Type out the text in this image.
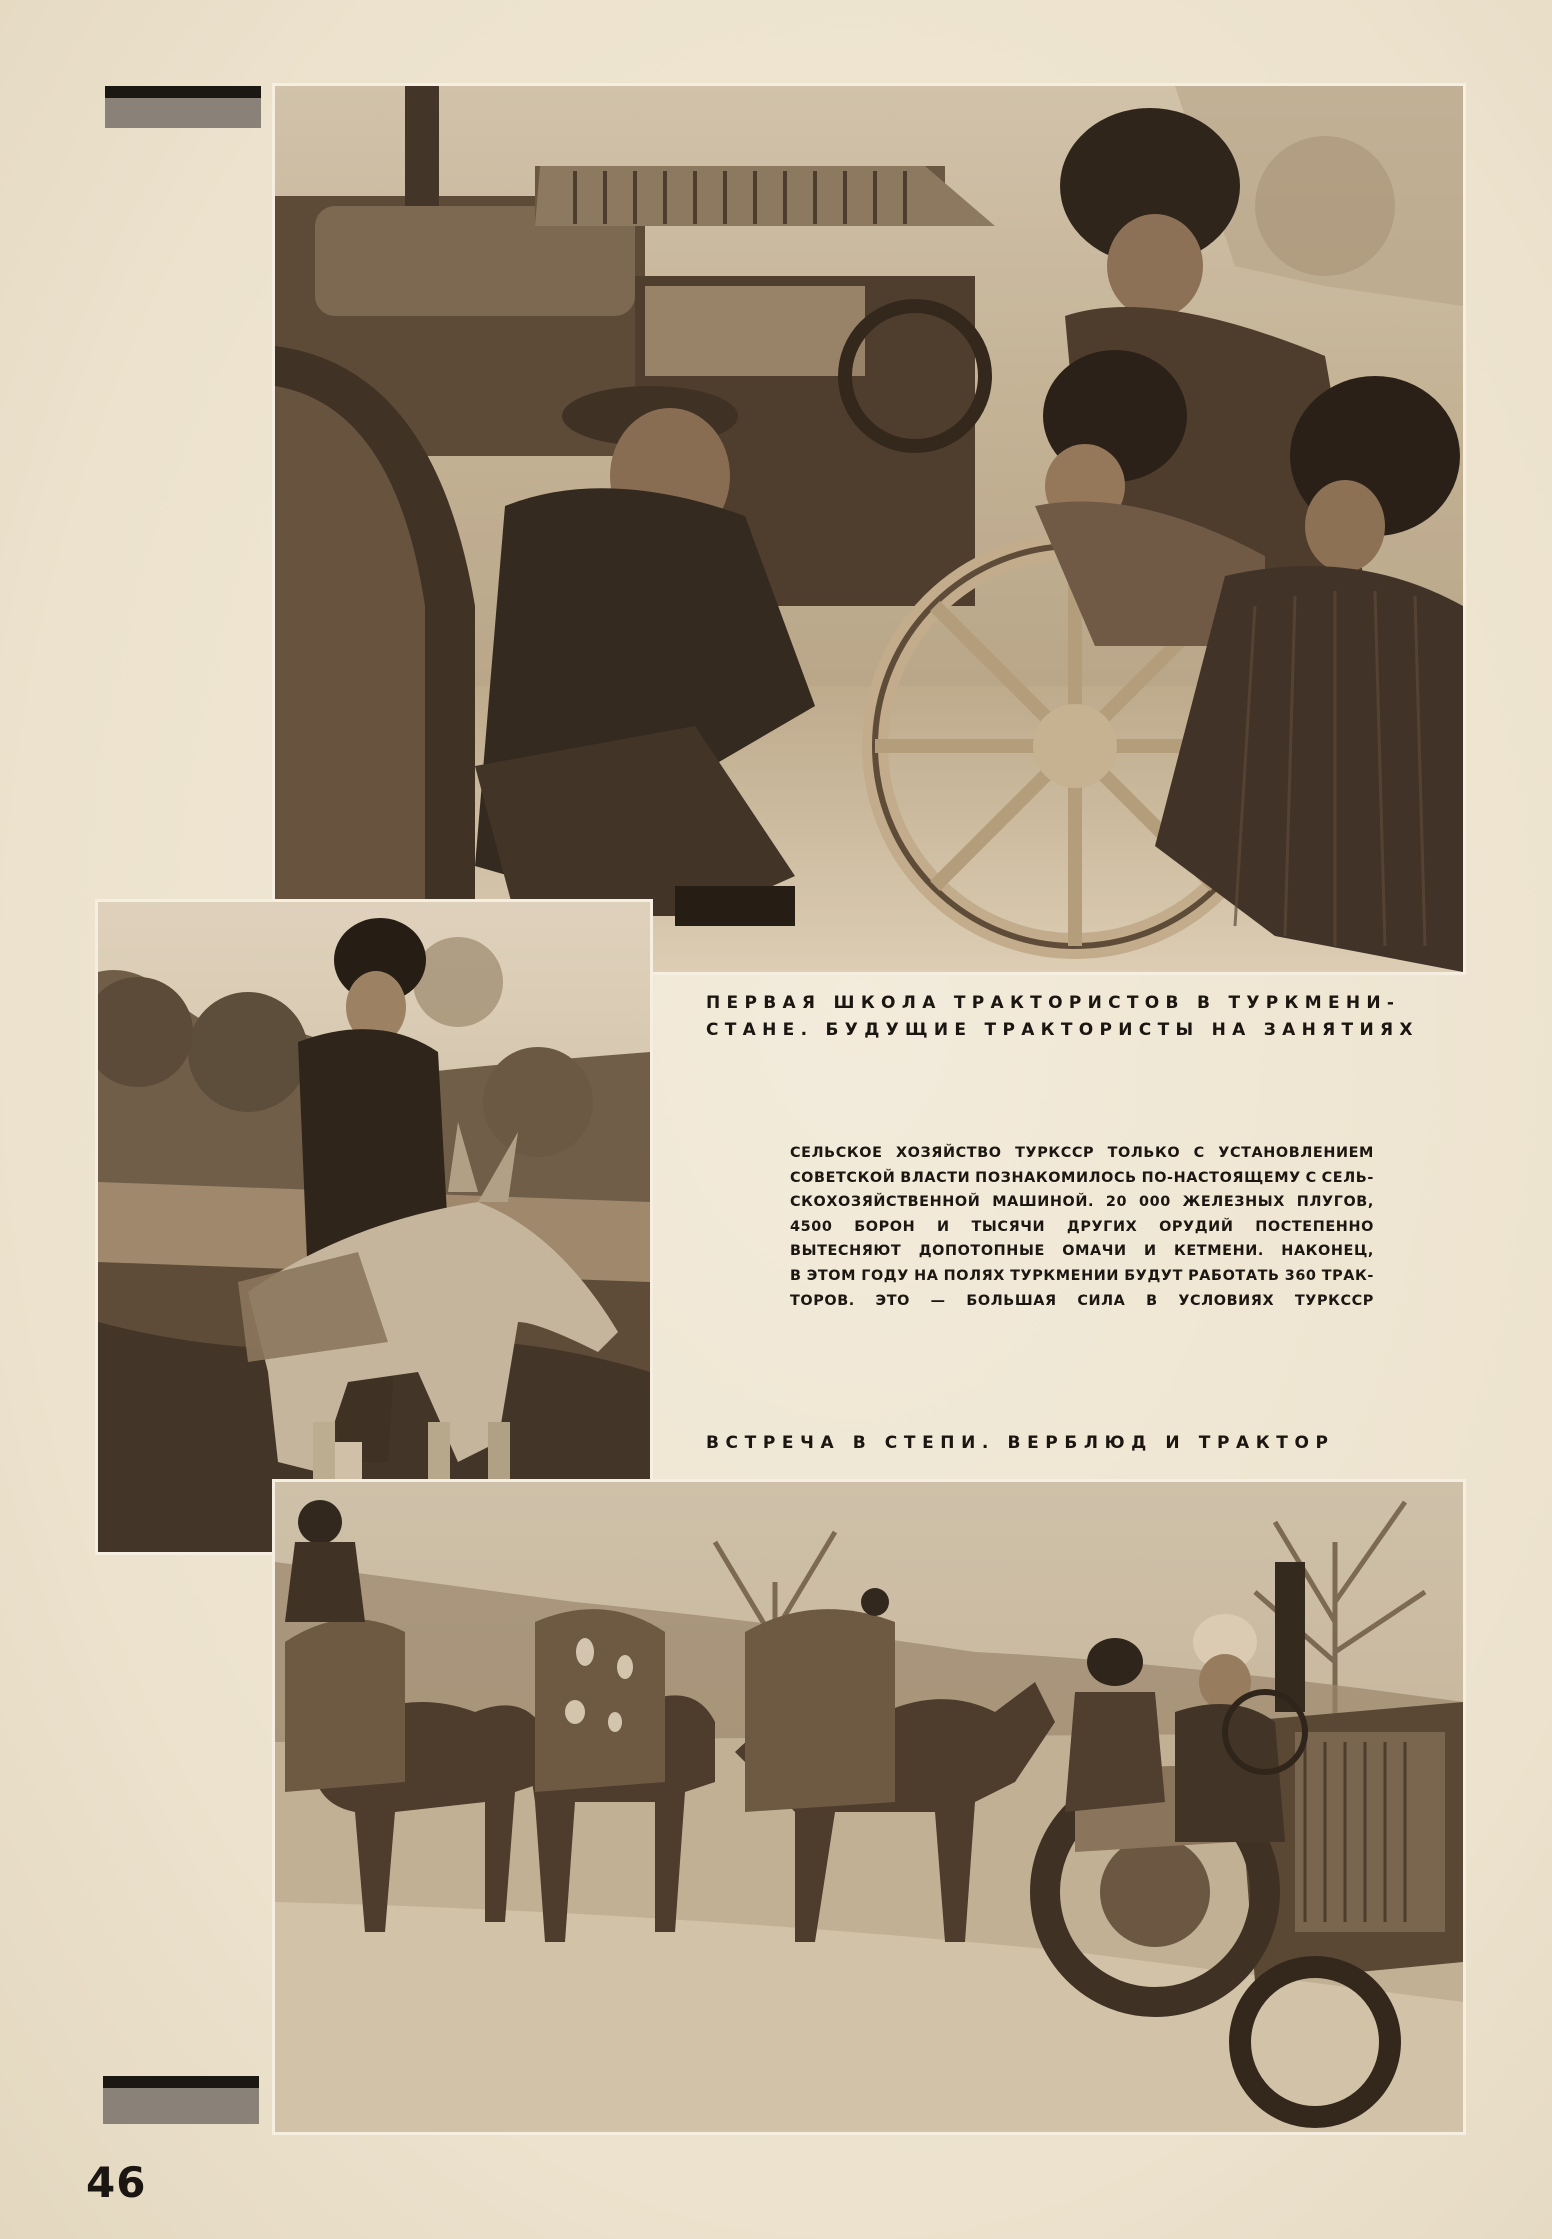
ПЕРВАЯ ШКОЛА ТРАКТОРИСТОВ В ТУРКМЕНИ-
СТАНЕ. БУДУЩИЕ ТРАКТОРИСТЫ НА ЗАНЯТИЯХ
СЕЛЬСКОЕ ХОЗЯЙСТВО ТУРКССР ТОЛЬКО С УСТАНОВЛЕНИЕМ
СОВЕТСКОЙ ВЛАСТИ ПОЗНАКОМИЛОСЬ ПО-НАСТОЯЩЕМУ С СЕЛЬ-
СКОХОЗЯЙСТВЕННОЙ МАШИНОЙ. 20 000 ЖЕЛЕЗНЫХ ПЛУГОВ,
4500 БОРОН И ТЫСЯЧИ ДРУГИХ ОРУДИЙ ПОСТЕПЕННО
ВЫТЕСНЯЮТ ДОПОТОПНЫЕ ОМАЧИ И КЕТМЕНИ. НАКОНЕЦ,
В ЭТОМ ГОДУ НА ПОЛЯХ ТУРКМЕНИИ БУДУТ РАБОТАТЬ 360 ТРАК-
ТОРОВ. ЭТО — БОЛЬШАЯ СИЛА В УСЛОВИЯХ ТУРКССР
ВСТРЕЧА В СТЕПИ. ВЕРБЛЮД И ТРАКТОР
46
